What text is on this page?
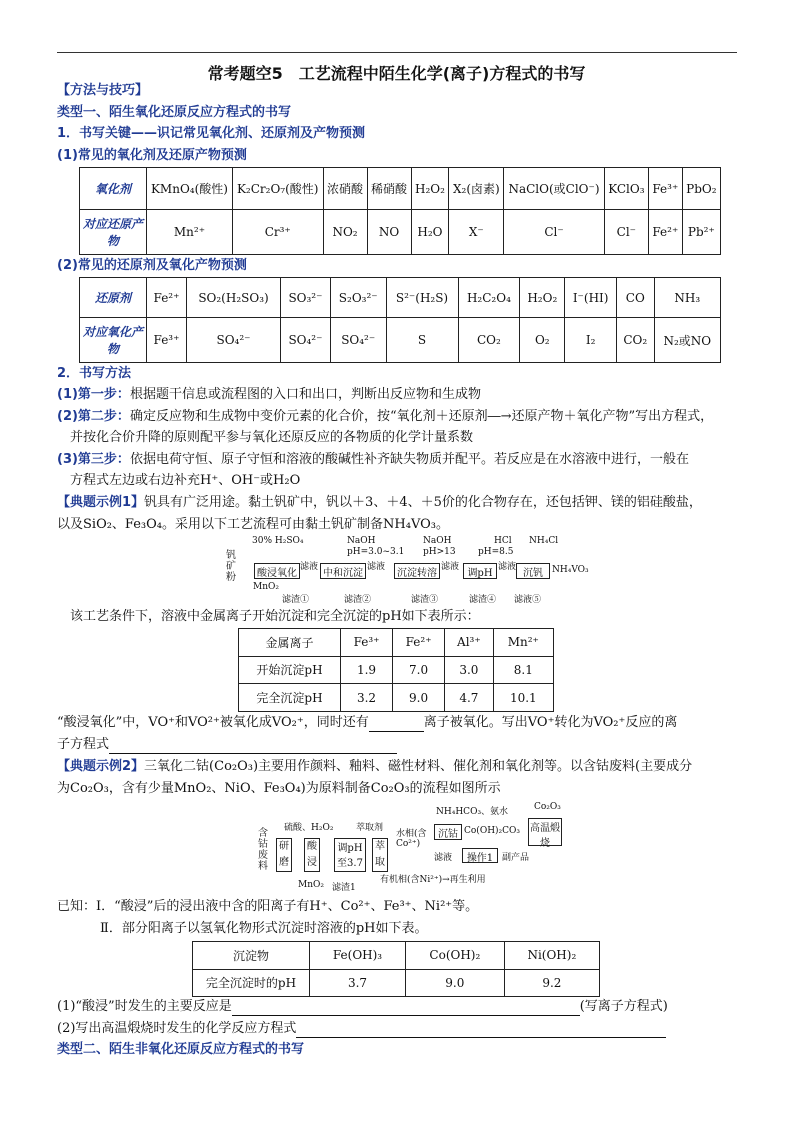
常考题空5　工艺流程中陌生化学(离子)方程式的书写
【方法与技巧】
类型一、陌生氧化还原反应方程式的书写
1．书写关键——识记常见氧化剂、还原剂及产物预测
(1)常见的氧化剂及还原产物预测
氧化剂	KMnO₄(酸性)	K₂Cr₂O₇(酸性)	浓硝酸	稀硝酸	H₂O₂	X₂(卤素)	NaClO(或ClO⁻)	KClO₃	Fe³⁺	PbO₂
对应还原产物	Mn²⁺	Cr³⁺	NO₂	NO	H₂O	X⁻	Cl⁻	Cl⁻	Fe²⁺	Pb²⁺
(2)常见的还原剂及氧化产物预测
还原剂	Fe²⁺	SO₂(H₂SO₃)	SO₃²⁻	S₂O₃²⁻	S²⁻(H₂S)	H₂C₂O₄	H₂O₂	I⁻(HI)	CO	NH₃
对应氧化产物	Fe³⁺	SO₄²⁻	SO₄²⁻	SO₄²⁻	S	CO₂	O₂	I₂	CO₂	N₂或NO
2．书写方法
(1)第一步：根据题干信息或流程图的入口和出口，判断出反应物和生成物
(2)第二步：确定反应物和生成物中变价元素的化合价，按“氧化剂＋还原剂―→还原产物＋氧化产物”写出方程式，
并按化合价升降的原则配平参与氧化还原反应的各物质的化学计量系数
(3)第三步：依据电荷守恒、原子守恒和溶液的酸碱性补齐缺失物质并配平。若反应是在水溶液中进行，一般在
方程式左边或右边补充H⁺、OH⁻或H₂O
【典题示例1】钒具有广泛用途。黏土钒矿中，钒以＋3、＋4、＋5价的化合物存在，还包括钾、镁的铝硅酸盐，
以及SiO₂、Fe₃O₄。采用以下工艺流程可由黏土钒矿制备NH₄VO₃。
钒矿粉
30% H₂SO₄	NaOH	NaOH	HCl NH₄Cl
pH=3.0~3.1 pH>13 pH=8.5
酸浸氧化	中和沉淀	沉淀转溶	调pH	沉钒
滤液	滤液	滤液	滤液	NH₄VO₃
MnO₂
滤渣①	滤渣②	滤渣③	滤渣④ 滤液⑤
该工艺条件下，溶液中金属离子开始沉淀和完全沉淀的pH如下表所示：
金属离子	Fe³⁺	Fe²⁺	Al³⁺	Mn²⁺
开始沉淀pH	1.9	7.0	3.0	8.1
完全沉淀pH	3.2	9.0	4.7	10.1
“酸浸氧化”中，VO⁺和VO²⁺被氧化成VO₂⁺，同时还有	离子被氧化。写出VO⁺转化为VO₂⁺反应的离
子方程式
【典题示例2】三氧化二钴(Co₂O₃)主要用作颜料、釉料、磁性材料、催化剂和氧化剂等。以含钴废料(主要成分
为Co₂O₃，含有少量MnO₂、NiO、Fe₃O₄)为原料制备Co₂O₃的流程如图所示
含钴废料
硫酸、H₂O₂	萃取剂
NH₄HCO₃、氨水
研磨
酸浸
调pH至3.7
萃取
水相(含Co²⁺)
沉钴 Co(OH)₂CO₃ 高温煅烧
Co₂O₃
滤液	操作1 副产品
MnO₂ 滤渣1
有机相(含Ni²⁺)→再生利用
已知：Ⅰ．“酸浸”后的浸出液中含的阳离子有H⁺、Co²⁺、Fe³⁺、Ni²⁺等。
Ⅱ．部分阳离子以氢氧化物形式沉淀时溶液的pH如下表。
沉淀物	Fe(OH)₃	Co(OH)₂	Ni(OH)₂
完全沉淀时的pH	3.7	9.0	9.2
(1)“酸浸”时发生的主要反应是	(写离子方程式)
(2)写出高温煅烧时发生的化学反应方程式
类型二、陌生非氧化还原反应方程式的书写
